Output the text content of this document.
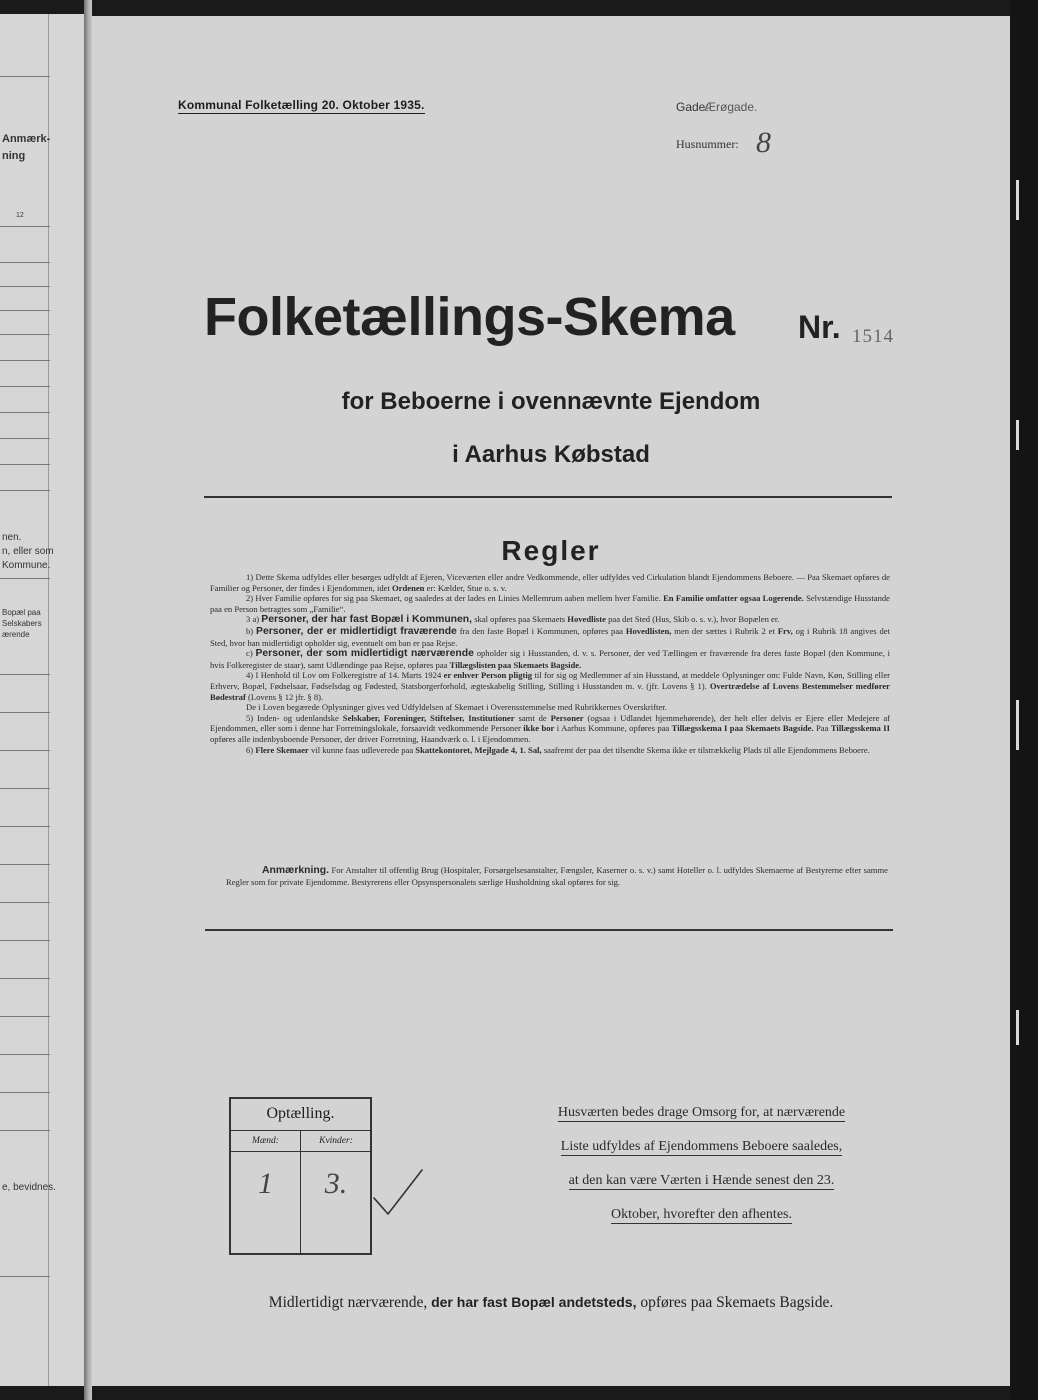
Anmærk-
ning
12
nen.
n, eller som
Kommune.
Bopæl paa
Selskabers
ærende
e, bevidnes.
Kommunal Folketælling 20. Oktober 1935.	Gade:
Ærøgade.
Husnummer: 8
Folketællings-Skema Nr. 1514
for Beboerne i ovennævnte Ejendom
i Aarhus Købstad
Regler

1) Dette Skema udfyldes eller besørges udfyldt af Ejeren, Viceværten eller andre Vedkommende, eller udfyldes ved Cirkulation blandt Ejendommens Beboere. — Paa Skemaet opføres de Familier og Personer, der findes i Ejendommen, idet Ordenen er: Kælder, Stue o. s. v.

2) Hver Familie opføres for sig paa Skemaet, og saaledes at der lades en Linies Mellemrum aaben mellem hver Familie. En Familie omfatter ogsaa Logerende. Selvstændige Husstande paa en Person betragtes som „Familie“.

3 a) Personer, der har fast Bopæl i Kommunen, skal opføres paa Skemaets Hovedliste paa det Sted (Hus, Skib o. s. v.), hvor Bopælen er.

b) Personer, der er midlertidigt fraværende fra den faste Bopæl i Kommunen, opføres paa Hovedlisten, men der sættes i Rubrik 2 et Frv, og i Rubrik 18 angives det Sted, hvor han midlertidigt opholder sig, eventuelt om ban er paa Rejse.

c) Personer, der som midlertidigt nærværende opholder sig i Husstanden, d. v. s. Personer, der ved Tællingen er fraværende fra deres faste Bopæl (den Kommune, i hvis Folkeregister de staar), samt Udlændinge paa Rejse, opføres paa Tillægslisten paa Skemaets Bagside.

4) I Henhold til Lov om Folkeregistre af 14. Marts 1924 er enhver Person pligtig til for sig og Medlemmer af sin Husstand, at meddele Oplysninger om: Fulde Navn, Køn, Stilling eller Erhverv, Bopæl, Fødselsaar, Fødselsdag og Fødested, Statsborgerforhold, ægteskabelig Stilling, Stilling i Husstanden m. v. (jfr. Lovens § 1). Overtrædelse af Lovens Bestemmelser medfører Bødestraf (Lovens § 12 jfr. § 8).

De i Loven begærede Oplysninger gives ved Udfyldelsen af Skemaet i Overensstemmelse med Rubrikkernes Overskrifter.

5) Inden- og udenlandske Selskaber, Foreninger, Stiftelser, Institutioner samt de Personer (ogsaa i Udlandet hjemmehørende), der helt eller delvis er Ejere eller Medejere af Ejendommen, eller som i denne har Forretningslokale, forsaavidt vedkommende Personer ikke bor i Aarhus Kommune, opføres paa Tillægsskema I paa Skemaets Bagside. Paa Tillægsskema II opføres alle indenbysboende Personer, der driver Forretning, Haandværk o. l. i Ejendommen.

6) Flere Skemaer vil kunne faas udleverede paa Skattekontoret, Mejlgade 4, 1. Sal, saafremt der paa det tilsendte Skema ikke er tilstrækkelig Plads til alle Ejendommens Beboere.

Anmærkning. For Anstalter til offentlig Brug (Hospitaler, Forsørgelsesanstalter, Fængsler, Kaserner o. s. v.) samt Hoteller o. l. udfyldes Skemaerne af Bestyrerne efter samme Regler som for private Ejendomme. Bestyrerens eller Opsynspersonalets særlige Husholdning skal opføres for sig.

Optælling.
Mænd:
1
Kvinder:
3.
Husværten bedes drage Omsorg for, at nærværende
Liste udfyldes af Ejendommens Beboere saaledes,
at den kan være Værten i Hænde senest den 23.
Oktober, hvorefter den afhentes.
Midlertidigt nærværende, der har fast Bopæl andetsteds, opføres paa Skemaets Bagside.
